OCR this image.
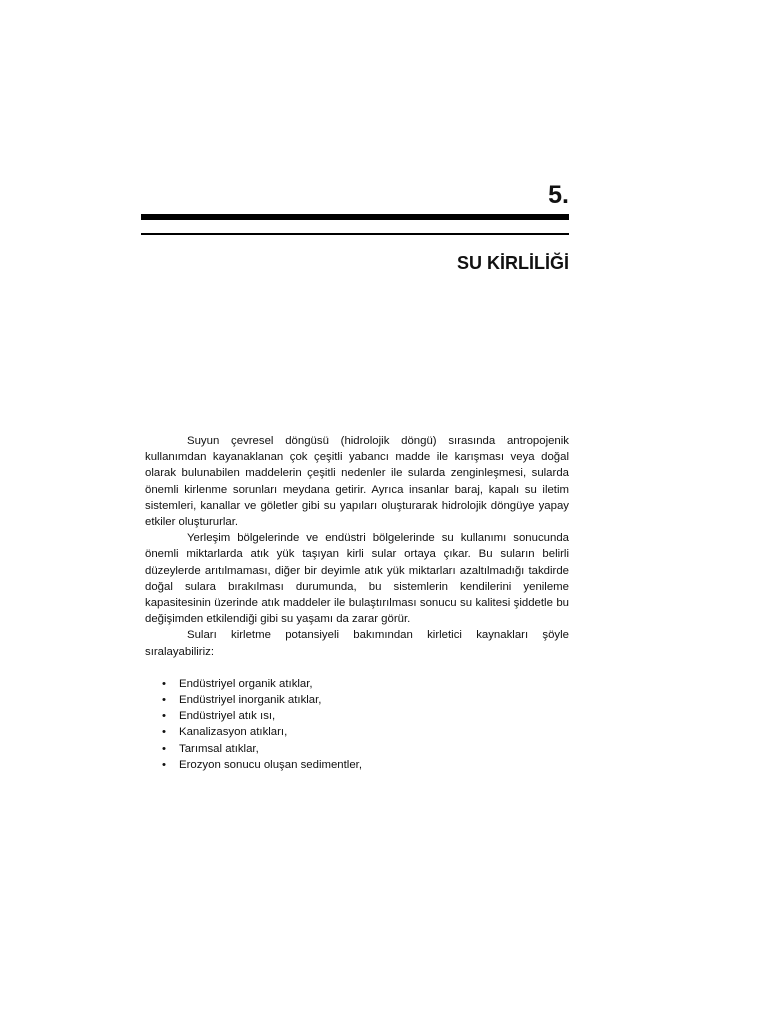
5.
SU KİRLİLİĞİ

Suyun çevresel döngüsü (hidrolojik döngü) sırasında antropojenik kullanımdan kayanaklanan çok çeşitli yabancı madde ile karışması veya doğal olarak bulunabilen maddelerin çeşitli nedenler ile sularda zenginleşmesi, sularda önemli kirlenme sorunları meydana getirir. Ayrıca insanlar baraj, kapalı su iletim sistemleri, kanallar ve göletler gibi su yapıları oluşturarak hidrolojik döngüye yapay etkiler oluştururlar.

Yerleşim bölgelerinde ve endüstri bölgelerinde su kullanımı sonucunda önemli miktarlarda atık yük taşıyan kirli sular ortaya çıkar. Bu suların belirli düzeylerde arıtılmaması, diğer bir deyimle atık yük miktarları azaltılmadığı takdirde doğal sulara bırakılması durumunda, bu sistemlerin kendilerini yenileme kapasitesinin üzerinde atık maddeler ile bulaştırılması sonucu su kalitesi şiddetle bu değişimden etkilendiği gibi su yaşamı da zarar görür.

Suları kirletme potansiyeli bakımından kirletici kaynakları şöyle sıralayabiliriz:

• Endüstriyel organik atıklar,
• Endüstriyel inorganik atıklar,
• Endüstriyel atık ısı,
• Kanalizasyon atıkları,
• Tarımsal atıklar,
• Erozyon sonucu oluşan sedimentler,
